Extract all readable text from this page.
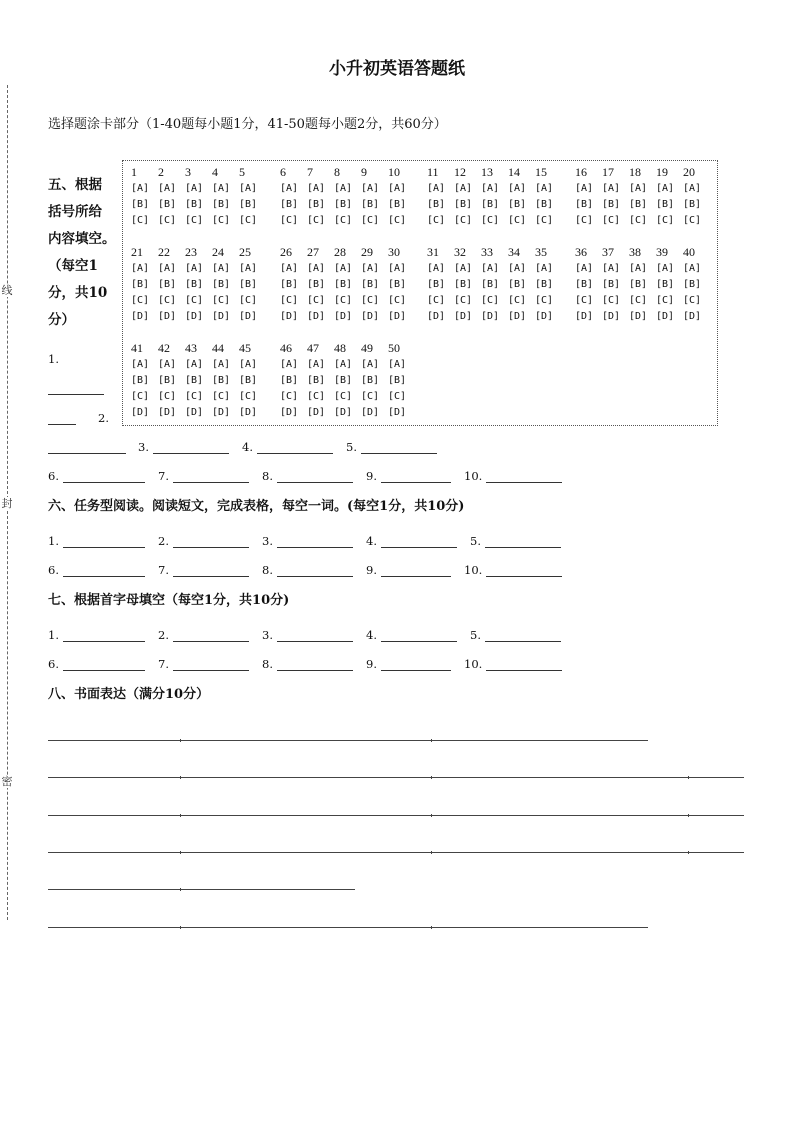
线
封
密
小升初英语答题纸
选择题涂卡部分（1-40题每小题1分，41-50题每小题2分，共60分）
五、根据
括号所给
内容填空。
（每空1
分，共10
分）
1	2	3	4	5
[A] [A] [A] [A] [A]
[B] [B] [B] [B] [B]
[C] [C] [C] [C] [C]
6	7	8	9	10
[A] [A] [A] [A] [A]
[B] [B] [B] [B] [B]
[C] [C] [C] [C] [C]
11	12	13	14	15
[A] [A] [A] [A] [A]
[B] [B] [B] [B] [B]
[C] [C] [C] [C] [C]
16	17	18	19	20
[A] [A] [A] [A] [A]
[B] [B] [B] [B] [B]
[C] [C] [C] [C] [C]
21	22	23	24	25
[A] [A] [A] [A] [A]
[B] [B] [B] [B] [B]
[C] [C] [C] [C] [C]
[D] [D] [D] [D] [D]
26	27	28	29	30
[A] [A] [A] [A] [A]
[B] [B] [B] [B] [B]
[C] [C] [C] [C] [C]
[D] [D] [D] [D] [D]
31	32	33	34	35
[A] [A] [A] [A] [A]
[B] [B] [B] [B] [B]
[C] [C] [C] [C] [C]
[D] [D] [D] [D] [D]
36	37	38	39	40
[A] [A] [A] [A] [A]
[B] [B] [B] [B] [B]
[C] [C] [C] [C] [C]
[D] [D] [D] [D] [D]
41	42	43	44	45
[A] [A] [A] [A] [A]
[B] [B] [B] [B] [B]
[C] [C] [C] [C] [C]
[D] [D] [D] [D] [D]
46	47	48	49	50
[A] [A] [A] [A] [A]
[B] [B] [B] [B] [B]
[C] [C] [C] [C] [C]
[D] [D] [D] [D] [D]
1.
2.
3.	4.	5.
6.	7.	8.	9.	10.
六、任务型阅读。阅读短文，完成表格，每空一词。(每空1分，共10分)
1.	2.	3.	4.	5.
6.	7.	8.	9.	10.
七、根据首字母填空（每空1分，共10分)
1.	2.	3.	4.	5.
6.	7.	8.	9.	10.
八、书面表达（满分10分）
